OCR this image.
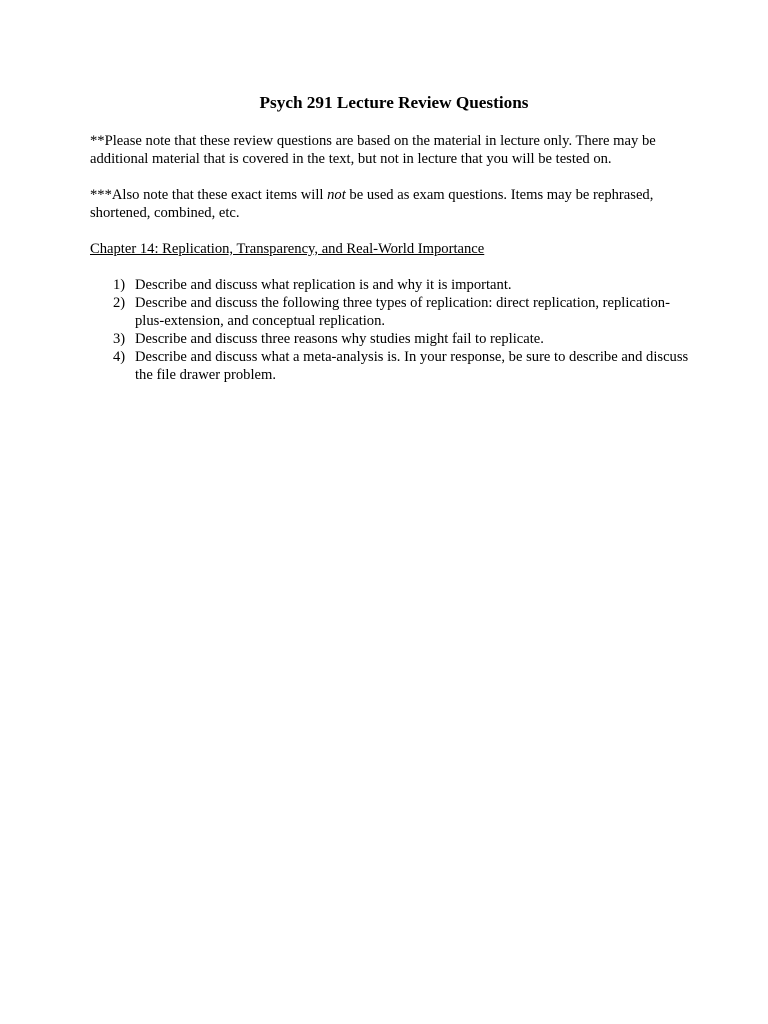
Psych 291 Lecture Review Questions
**Please note that these review questions are based on the material in lecture only. There may be additional material that is covered in the text, but not in lecture that you will be tested on.
***Also note that these exact items will not be used as exam questions. Items may be rephrased, shortened, combined, etc.
Chapter 14: Replication, Transparency, and Real-World Importance
1) Describe and discuss what replication is and why it is important.
2) Describe and discuss the following three types of replication: direct replication, replication-plus-extension, and conceptual replication.
3) Describe and discuss three reasons why studies might fail to replicate.
4) Describe and discuss what a meta-analysis is. In your response, be sure to describe and discuss the file drawer problem.
